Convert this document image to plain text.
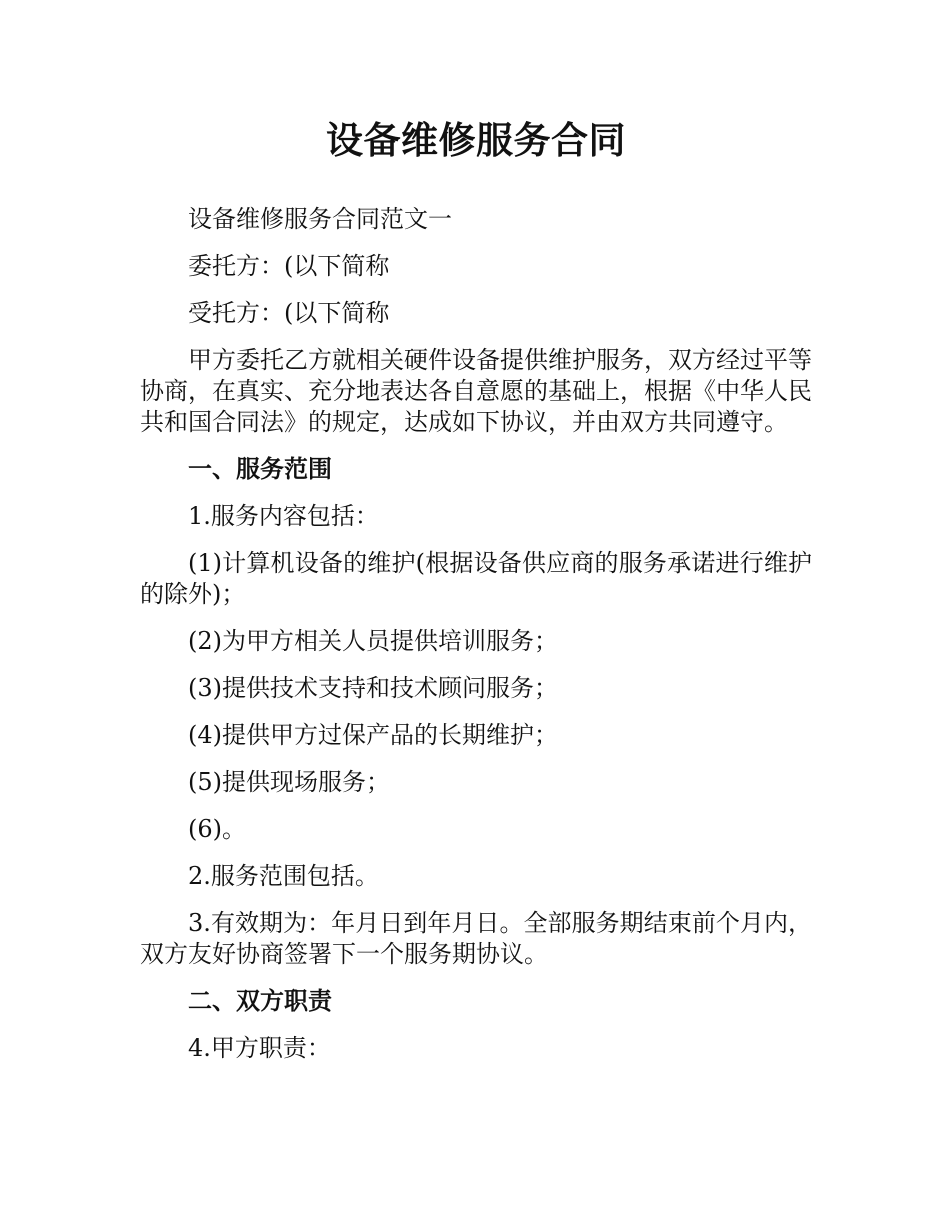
设备维修服务合同

设备维修服务合同范文一

委托方：(以下简称

受托方：(以下简称

甲方委托乙方就相关硬件设备提供维护服务，双方经过平等协商，在真实、充分地表达各自意愿的基础上，根据《中华人民共和国合同法》的规定，达成如下协议，并由双方共同遵守。

一、服务范围

1.服务内容包括：

(1)计算机设备的维护(根据设备供应商的服务承诺进行维护的除外)；

(2)为甲方相关人员提供培训服务；

(3)提供技术支持和技术顾问服务；

(4)提供甲方过保产品的长期维护；

(5)提供现场服务；

(6)。

2.服务范围包括。

3.有效期为：年月日到年月日。全部服务期结束前个月内，双方友好协商签署下一个服务期协议。

二、双方职责

4.甲方职责：
